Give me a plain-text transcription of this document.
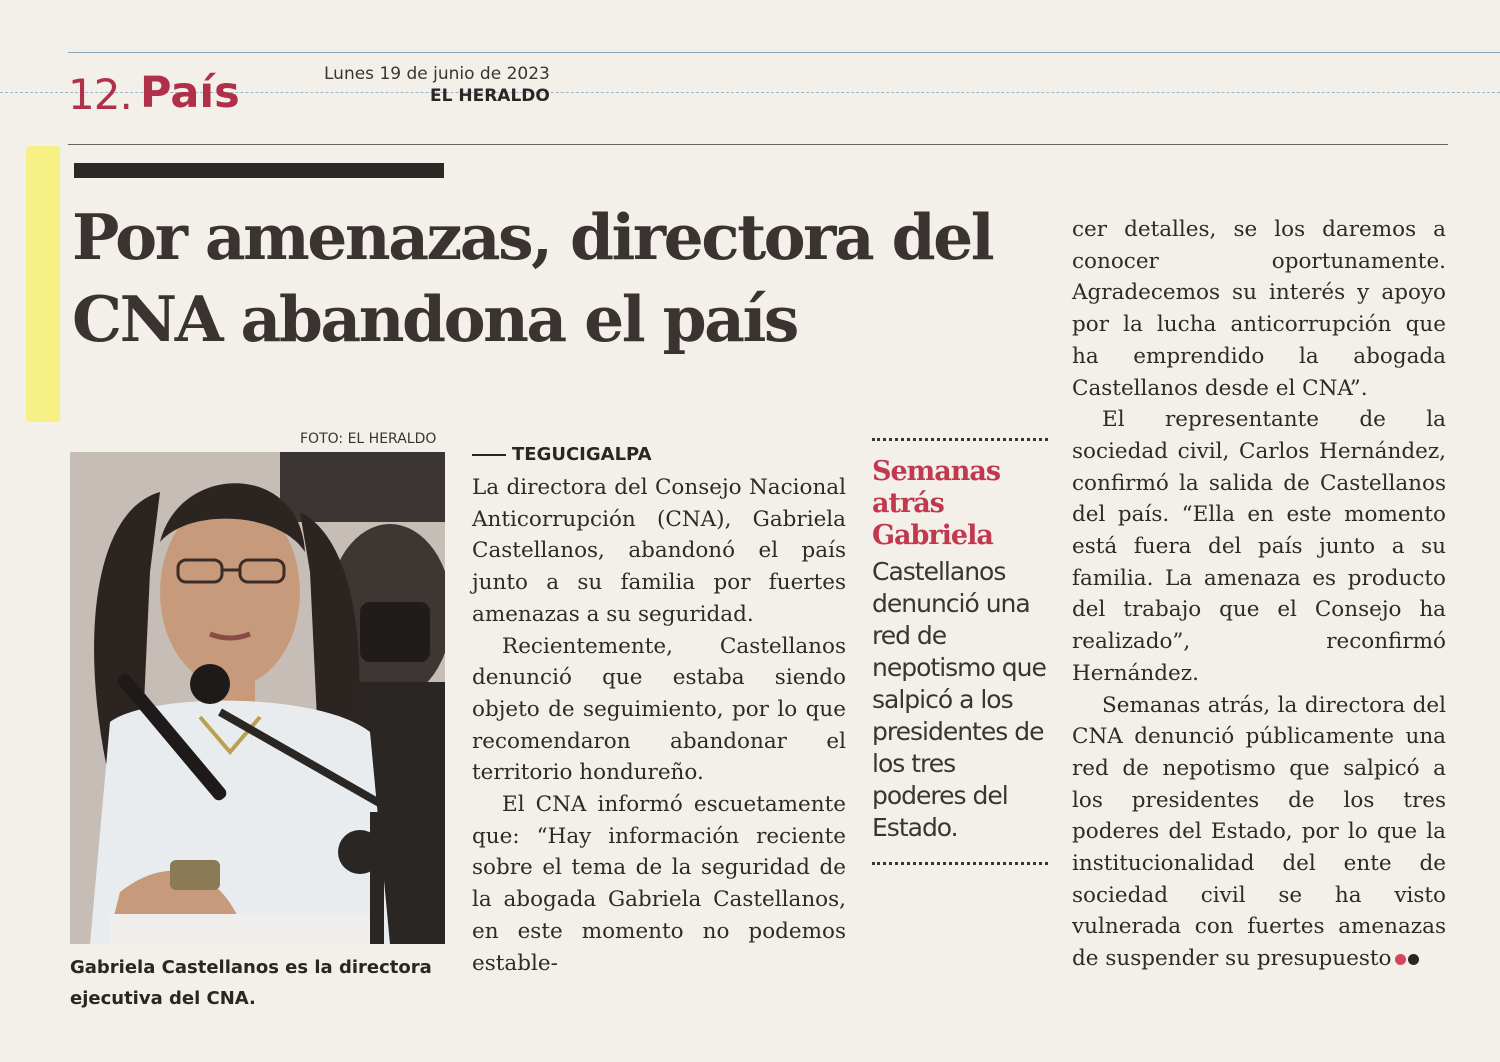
12. País	Lunes 19 de junio de 2023
EL HERALDO
Por amenazas, directora del CNA abandona el país
FOTO: EL HERALDO

Gabriela Castellanos es la directora ejecutiva del CNA.

TEGUCIGALPA

La directora del Consejo Nacional Anticorrupción (CNA), Gabriela Castellanos, abandonó el país junto a su familia por fuertes amenazas a su seguridad.

Recientemente, Castellanos denunció que estaba siendo objeto de seguimiento, por lo que recomendaron abandonar el territorio hondureño.

El CNA informó escuetamente que: “Hay información reciente sobre el tema de la seguridad de la abogada Gabriela Castellanos, en este momento no podemos estable-

Semanas atrás Gabriela

Castellanos denunció una red de nepotismo que salpicó a los presidentes de los tres poderes del Estado.

cer detalles, se los daremos a conocer oportunamente. Agradecemos su interés y apoyo por la lucha anticorrupción que ha emprendido la abogada Castellanos desde el CNA”.

El representante de la sociedad civil, Carlos Hernández, confirmó la salida de Castellanos del país. “Ella en este momento está fuera del país junto a su familia. La amenaza es producto del trabajo que el Consejo ha realizado”, reconfirmó Hernández.

Semanas atrás, la directora del CNA denunció públicamente una red de nepotismo que salpicó a los presidentes de los tres poderes del Estado, por lo que la institucionalidad del ente de sociedad civil se ha visto vulnerada con fuertes amenazas de suspender su presupuesto
